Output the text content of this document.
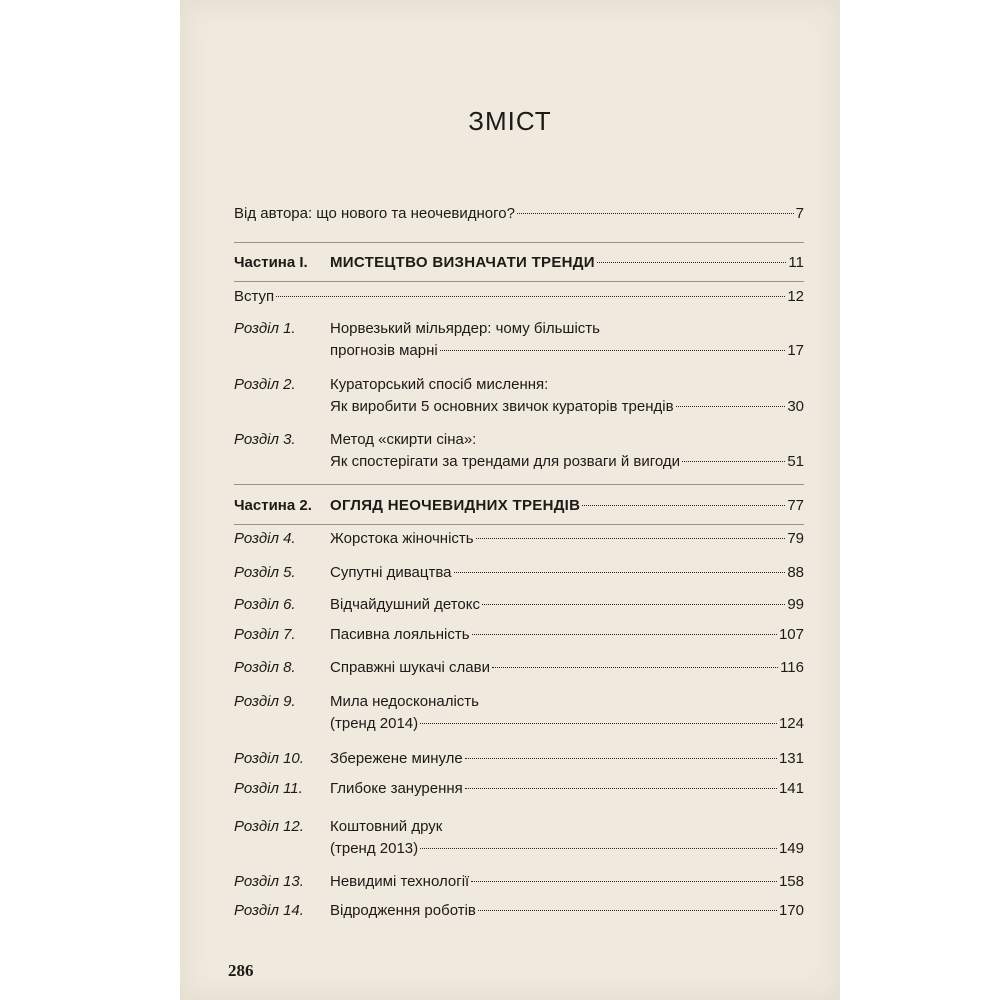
ЗМІСТ
Від автора: що нового та неочевидного?	7
Частина I.	МИСТЕЦТВО ВИЗНАЧАТИ ТРЕНДИ	11
Вступ	12
Розділ 1.	Норвезький мільярдер: чому більшість
прогнозів марні	17
Розділ 2.	Кураторський спосіб мислення:
Як виробити 5 основних звичок кураторів трендів	30
Розділ 3.	Метод «скирти сіна»:
Як спостерігати за трендами для розваги й вигоди	51
Частина 2.	ОГЛЯД НЕОЧЕВИДНИХ ТРЕНДІВ	77
Розділ 4.	Жорстока жіночність	79
Розділ 5.	Супутні дивацтва	88
Розділ 6.	Відчайдушний детокс	99
Розділ 7.	Пасивна лояльність	107
Розділ 8.	Справжні шукачі слави	116
Розділ 9.	Мила недосконаліcть
(тренд 2014)	124
Розділ 10.	Збережене минуле	131
Розділ 11.	Глибоке занурення	141
Розділ 12.	Коштовний друк
(тренд 2013)	149
Розділ 13.	Невидимі технології	158
Розділ 14.	Відродження роботів	170
286
